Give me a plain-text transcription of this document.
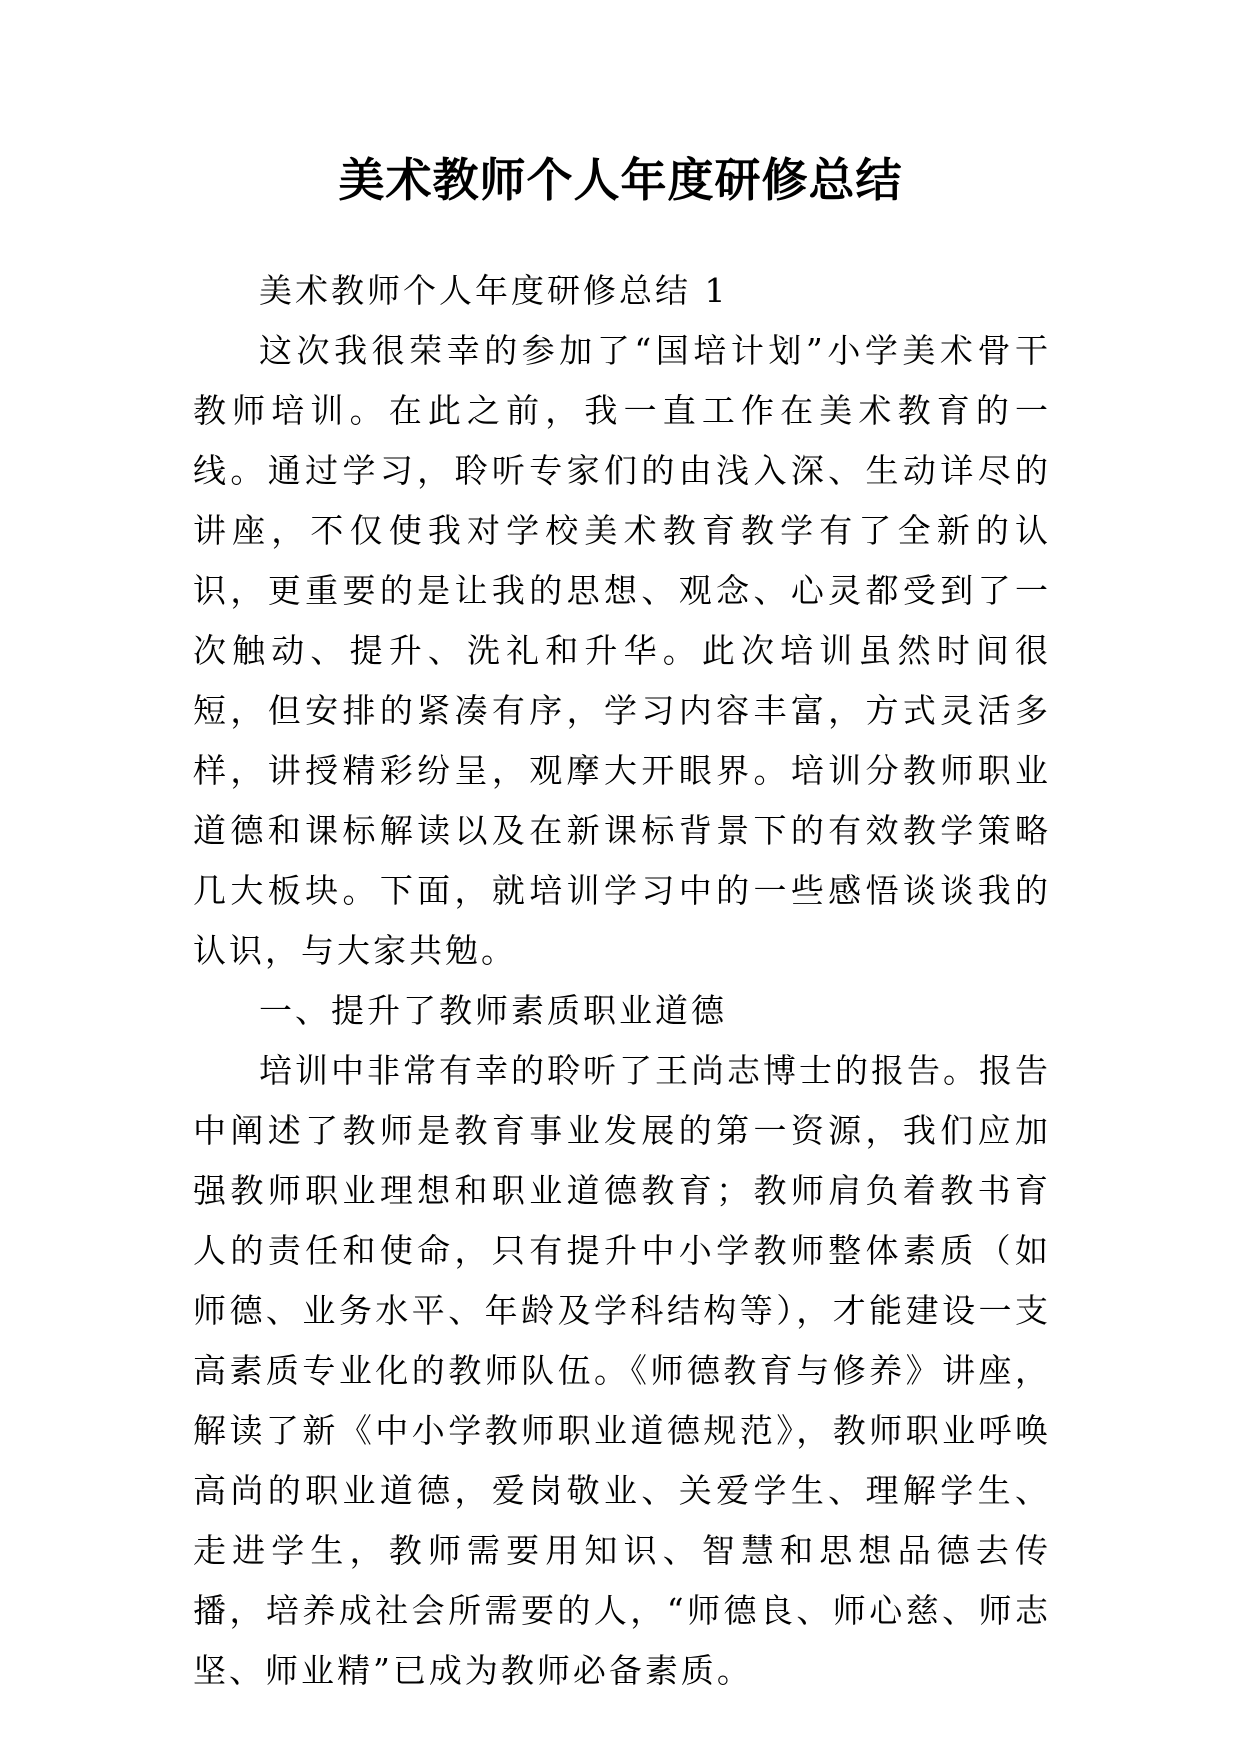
美术教师个人年度研修总结

美术教师个人年度研修总结 1

这次我很荣幸的参加了“国培计划”小学美术骨干教师培训。在此之前，我一直工作在美术教育的一线。通过学习，聆听专家们的由浅入深、生动详尽的讲座，不仅使我对学校美术教育教学有了全新的认识，更重要的是让我的思想、观念、心灵都受到了一次触动、提升、洗礼和升华。此次培训虽然时间很短，但安排的紧凑有序，学习内容丰富，方式灵活多样，讲授精彩纷呈，观摩大开眼界。培训分教师职业道德和课标解读以及在新课标背景下的有效教学策略几大板块。下面，就培训学习中的一些感悟谈谈我的认识，与大家共勉。

一、提升了教师素质职业道德

培训中非常有幸的聆听了王尚志博士的报告。报告中阐述了教师是教育事业发展的第一资源，我们应加强教师职业理想和职业道德教育；教师肩负着教书育人的责任和使命，只有提升中小学教师整体素质（如师德、业务水平、年龄及学科结构等），才能建设一支高素质专业化的教师队伍。《师德教育与修养》讲座，解读了新《中小学教师职业道德规范》，教师职业呼唤高尚的职业道德，爱岗敬业、关爱学生、理解学生、走进学生，教师需要用知识、智慧和思想品德去传播，培养成社会所需要的人，“师德良、师心慈、师志坚、师业精”已成为教师必备素质。
